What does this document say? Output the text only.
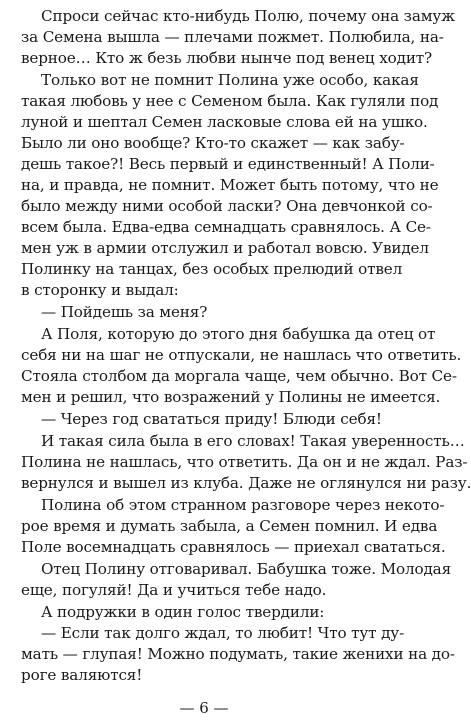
Спроси сейчас кто-нибудь Полю, почему она замуж
за Семена вышла — плечами пожмет. Полюбила, на-
верное… Кто ж безь любви нынче под венец ходит?
Только вот не помнит Полина уже особо, какая
такая любовь у нее с Семеном была. Как гуляли под
луной и шептал Семен ласковые слова ей на ушко.
Было ли оно вообще? Кто-то скажет — как забу-
дешь такое?! Весь первый и единственный! А Поли-
на, и правда, не помнит. Может быть потому, что не
было между ними особой ласки? Она девчонкой со-
всем была. Едва-едва семнадцать сравнялось. А Се-
мен уж в армии отслужил и работал вовсю. Увидел
Полинку на танцах, без особых прелюдий отвел
в сторонку и выдал:
— Пойдешь за меня?
А Поля, которую до этого дня бабушка да отец от
себя ни на шаг не отпускали, не нашлась что ответить.
Стояла столбом да моргала чаще, чем обычно. Вот Се-
мен и решил, что возражений у Полины не имеется.
— Через год свататься приду! Блюди себя!
И такая сила была в его словах! Такая уверенность…
Полина не нашлась, что ответить. Да он и не ждал. Раз-
вернулся и вышел из клуба. Даже не оглянулся ни разу.
Полина об этом странном разговоре через некото-
рое время и думать забыла, а Семен помнил. И едва
Поле восемнадцать сравнялось — приехал свататься.
Отец Полину отговаривал. Бабушка тоже. Молодая
еще, погуляй! Да и учиться тебе надо.
А подружки в один голос твердили:
— Если так долго ждал, то любит! Что тут ду-
мать — глупая! Можно подумать, такие женихи на до-
роге валяются!
— 6 —
